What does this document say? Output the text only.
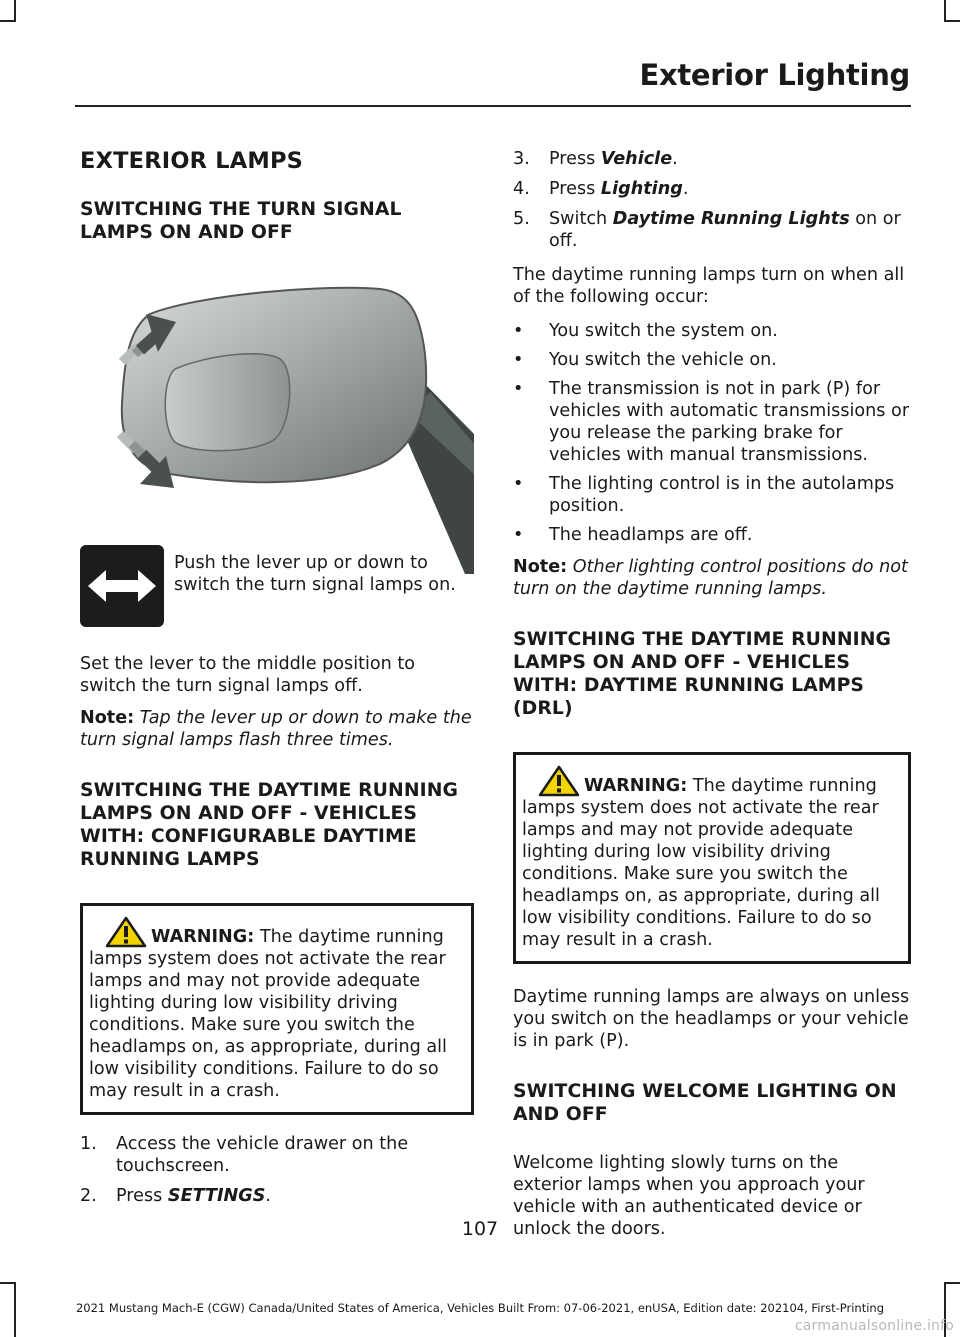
Exterior Lighting
EXTERIOR LAMPS
SWITCHING THE TURN SIGNAL LAMPS ON AND OFF
E323497

Push the lever up or down to switch the turn signal lamps on.

Set the lever to the middle position to switch the turn signal lamps off.

Note: Tap the lever up or down to make the turn signal lamps flash three times.

SWITCHING THE DAYTIME RUNNING LAMPS ON AND OFF - VEHICLES WITH: CONFIGURABLE DAYTIME RUNNING LAMPS

WARNING: The daytime running lamps system does not activate the rear lamps and may not provide adequate lighting during low visibility driving conditions. Make sure you switch the headlamps on, as appropriate, during all low visibility conditions. Failure to do so may result in a crash.

1. Access the vehicle drawer on the touchscreen.
2. Press SETTINGS.
3. Press Vehicle.
4. Press Lighting.
5. Switch Daytime Running Lights on or off.

The daytime running lamps turn on when all of the following occur:

• You switch the system on.
• You switch the vehicle on.
• The transmission is not in park (P) for vehicles with automatic transmissions or you release the parking brake for vehicles with manual transmissions.
• The lighting control is in the autolamps position.
• The headlamps are off.

Note: Other lighting control positions do not turn on the daytime running lamps.

SWITCHING THE DAYTIME RUNNING LAMPS ON AND OFF - VEHICLES WITH: DAYTIME RUNNING LAMPS (DRL)

WARNING: The daytime running lamps system does not activate the rear lamps and may not provide adequate lighting during low visibility driving conditions. Make sure you switch the headlamps on, as appropriate, during all low visibility conditions. Failure to do so may result in a crash.

Daytime running lamps are always on unless you switch on the headlamps or your vehicle is in park (P).

SWITCHING WELCOME LIGHTING ON AND OFF

Welcome lighting slowly turns on the exterior lamps when you approach your vehicle with an authenticated device or unlock the doors.

107
2021 Mustang Mach-E (CGW) Canada/United States of America, Vehicles Built From: 07-06-2021, enUSA, Edition date: 202104, First-Printing
carmanualsonline.info
